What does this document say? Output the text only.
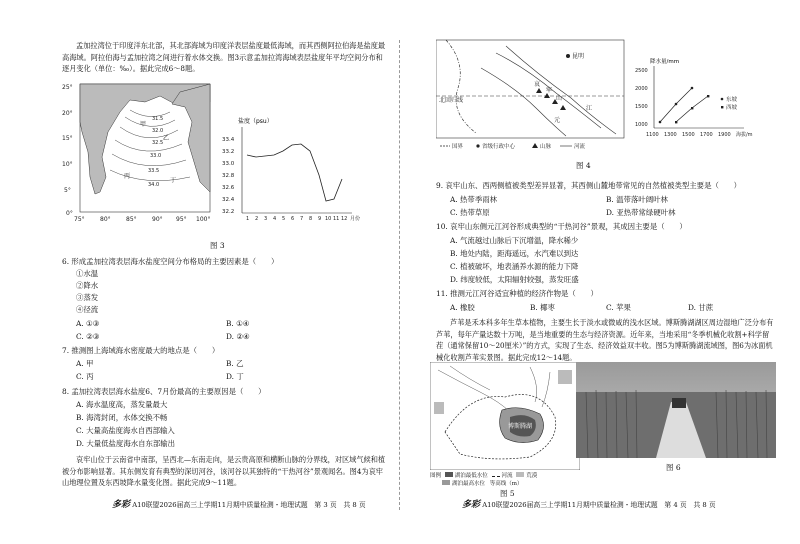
孟加拉湾位于印度洋东北部，其北部海域为印度洋表层盐度最低海域，而其西侧阿拉伯海是盐度最高海域。阿拉伯海与孟加拉湾之间进行着水体交换。图3示意孟加拉湾海域表层盐度年平均空间分布和逐月变化（单位：‰）。据此完成6～8题。
31.5
32.0
32.5
33.0
33.5
34.0
甲
乙
丙
丁
25°
20°
15°
10°
5°
0°
75°	80°	85°	90° 95° 100°
盐度（psu）
33.4
33.2
33.0
32.8
32.6
32.4
32.2
1 2 3 4 5 6 7 8 9 10 11 12 月份
图 3
6. 形成孟加拉湾表层海水盐度空间分布格局的主要因素是（　　）
①水温
②降水
③蒸发
④径流
A. ①③	B. ①④
C. ②③	D. ②④
7. 推测图上海域海水密度最大的地点是（　　）
A. 甲	B. 乙
C. 丙	D. 丁
8. 孟加拉湾表层海水盐度6、7月份最高的主要原因是（　　）
A. 海水温度高，蒸发量最大
B. 海湾封闭，水体交换不畅
C. 大量高盐度海水自西部输入
D. 大量低盐度海水自东部输出
哀牢山位于云南省中南部，呈西北—东南走向，是云贵高原和横断山脉的分界线，对区域气候和植被分布影响显著。其东侧发育有典型的深切河谷，该河谷以其独特的“干热河谷”景观闻名。图4为哀牢山地理位置及东西坡降水量变化图。据此完成9～11题。
多彩 A10联盟2026届高三上学期11月期中质量检测・地理试题　第 3 页　共 8 页
昆明
北回归线
哀
牢
山
江
元
国界	省级行政中心	山脉	河流
降水量/mm
2500
2000
1500
1000
1100 1300 1500 1700 1900 海拔/m
东坡
西坡
图 4
9. 哀牢山东、西两侧植被类型差异显著，其西侧山麓地带常见的自然植被类型主要是（　　）
A. 热带季雨林	B. 温带落叶阔叶林
C. 热带草原	D. 亚热带常绿硬叶林
10. 哀牢山东侧元江河谷形成典型的“干热河谷”景观，其成因主要是（　　）
A. 气流越过山脉后下沉增温，降水稀少
B. 地处内陆，距海遥远，水汽难以到达
C. 植被破坏，地表涵养水源的能力下降
D. 纬度较低，太阳辐射较强，蒸发旺盛
11. 推测元江河谷适宜种植的经济作物是（　　）
A. 橡胶	B. 椰枣	C. 苹果	D. 甘蔗
芦苇是禾本科多年生草本植物，主要生长于淡水或微咸的浅水区域。博斯腾湖湖区周边湿地广泛分布有芦苇，每年产量达数十万吨，是当地重要的生态与经济资源。近年来，当地采用“冬季机械化收割+科学留茬（通常保留10～20厘米）”的方式，实现了生态、经济效益双丰收。图5为博斯腾湖流域图，图6为冰面机械化收割芦苇实景图。据此完成12～14题。
博斯腾湖
图例	湖泊最低水位	河流	荒漠
湖泊最高水位 等高线（m）
图 5
图 6
多彩 A10联盟2026届高三上学期11月期中质量检测・地理试题　第 4 页　共 8 页
